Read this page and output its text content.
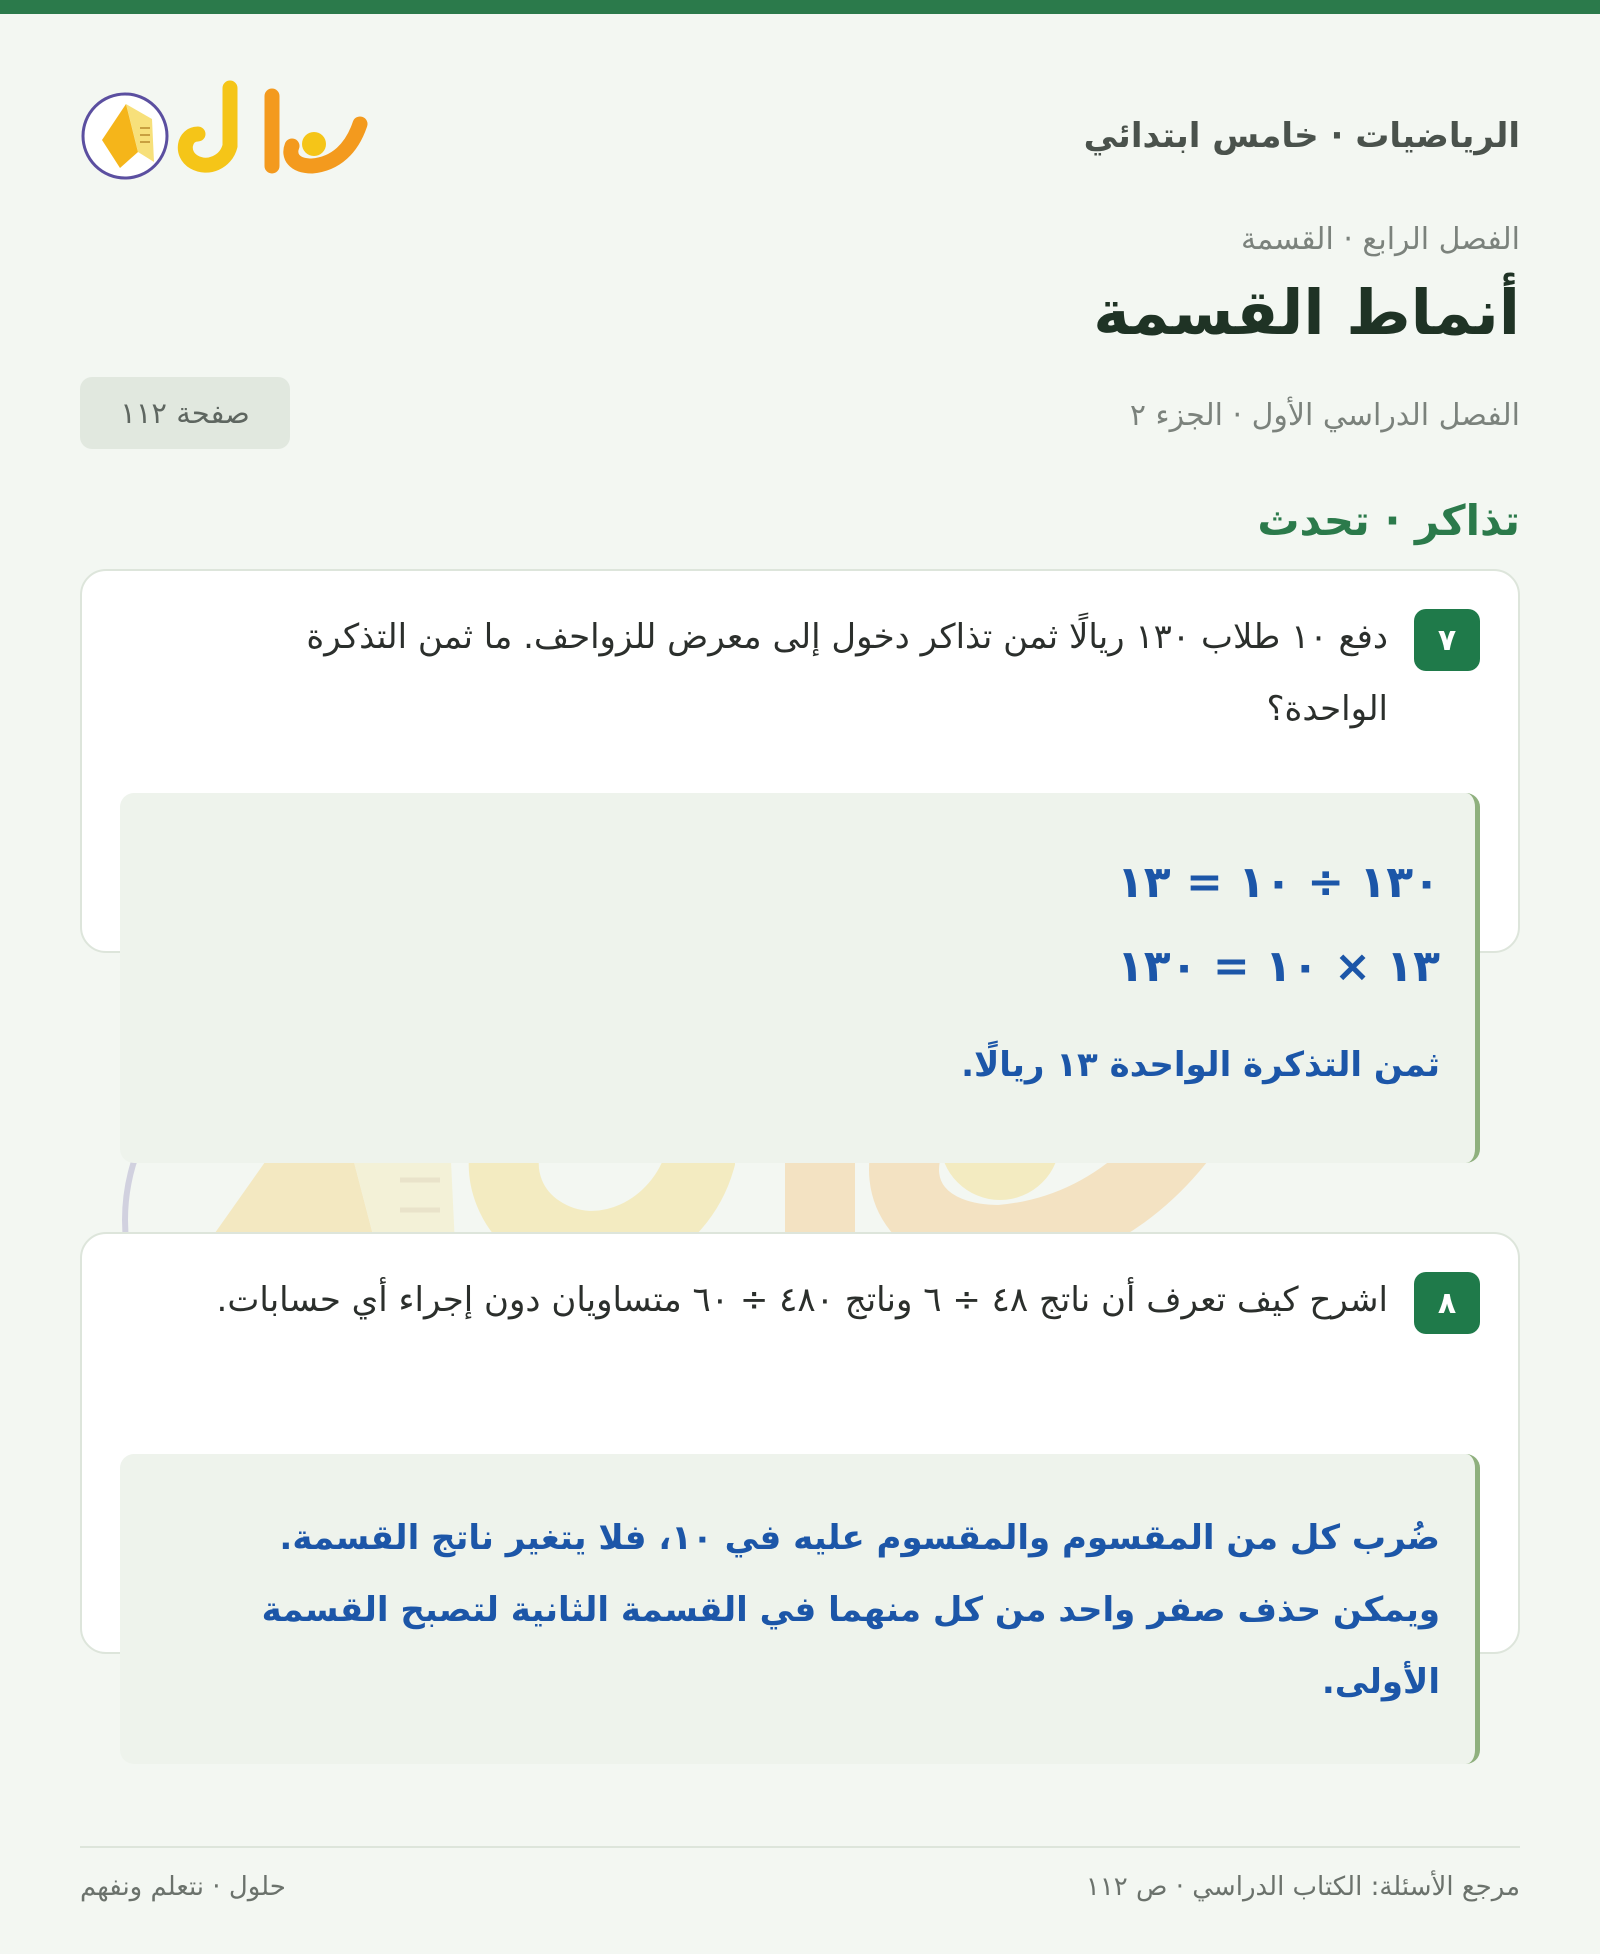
الرياضيات · خامس ابتدائي
الفصل الرابع · القسمة
أنماط القسمة
الفصل الدراسي الأول · الجزء ٢
صفحة ١١٢
تذاكر · تحدث
٧

دفع ١٠ طلاب ١٣٠ ريالًا ثمن تذاكر دخول إلى معرض للزواحف. ما ثمن التذكرة الواحدة؟

١٣٠ ÷ ١٠ = ١٣
١٣ × ١٠ = ١٣٠
ثمن التذكرة الواحدة ١٣ ريالًا.
٨

اشرح كيف تعرف أن ناتج ٤٨ ÷ ٦ وناتج ٤٨٠ ÷ ٦٠ متساويان دون إجراء أي حسابات.

ضُرب كل من المقسوم والمقسوم عليه في ١٠، فلا يتغير ناتج القسمة. ويمكن حذف صفر واحد من كل منهما في القسمة الثانية لتصبح القسمة الأولى.

مرجع الأسئلة: الكتاب الدراسي · ص ١١٢
حلول · نتعلم ونفهم
